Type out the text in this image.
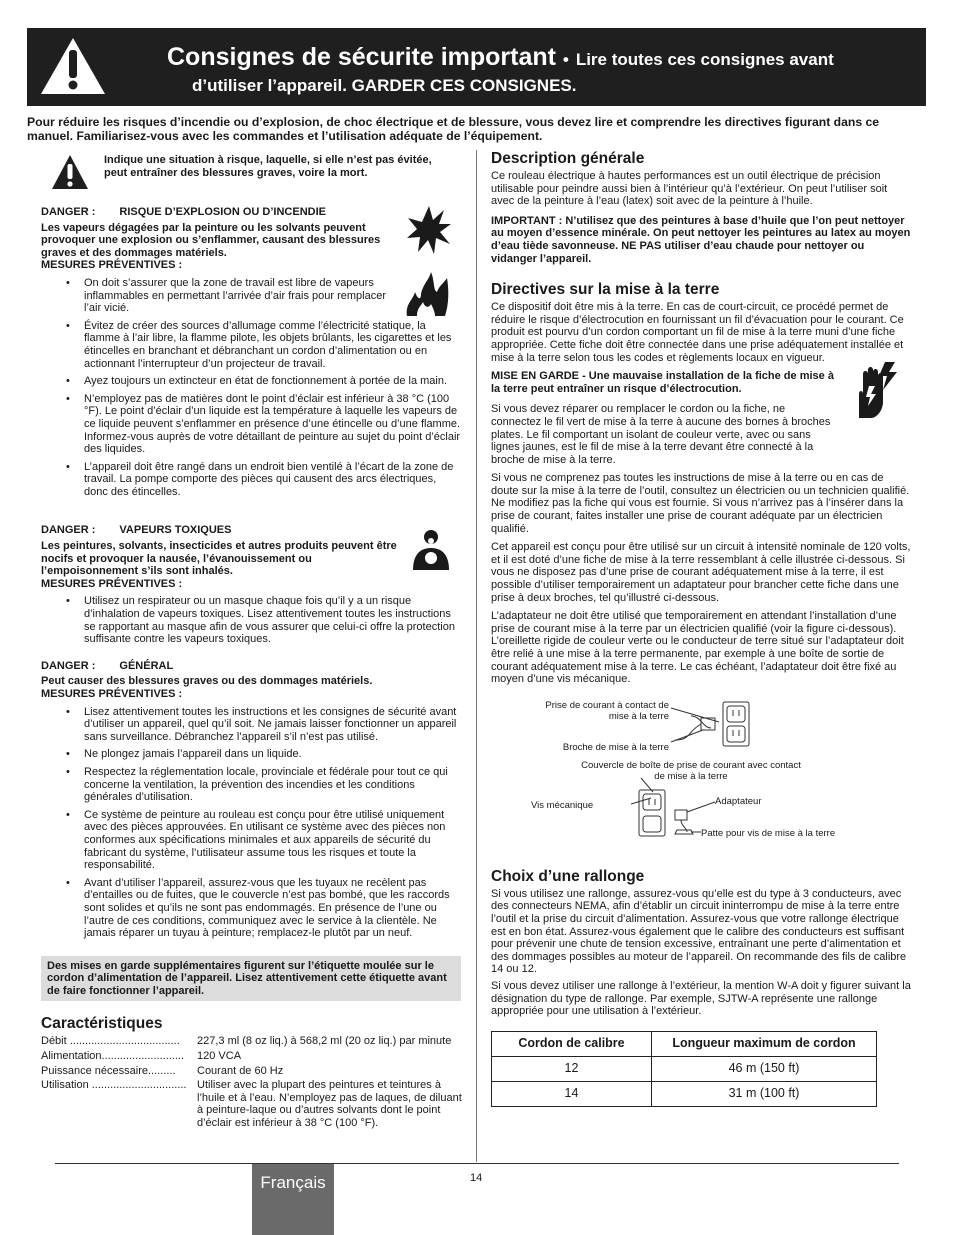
Consignes de sécurite important • Lire toutes ces consignes avant
d’utiliser l’appareil. GARDER CES CONSIGNES.
Pour réduire les risques d’incendie ou d’explosion, de choc électrique et de blessure, vous devez lire et comprendre les directives figurant dans ce manuel. Familiarisez-vous avec les commandes et l’utilisation adéquate de l’équipement.
Indique une situation à risque, laquelle, si elle n’est pas évitée, peut entraîner des blessures graves, voire la mort.
DANGER : RISQUE D’EXPLOSION OU D’INCENDIE

Les vapeurs dégagées par la peinture ou les solvants peuvent provoquer une explosion ou s’enflammer, causant des blessures graves et des dommages matériels.

MESURES PRÉVENTIVES :

• On doit s’assurer que la zone de travail est libre de vapeurs inflammables en permettant l’arrivée d’air frais pour remplacer l’air vicié.
• Évitez de créer des sources d’allumage comme l’électricité statique, la flamme à l’air libre, la flamme pilote, les objets brûlants, les cigarettes et les étincelles en branchant et débranchant un cordon d’alimentation ou en actionnant l’interrupteur d’un projecteur de travail.
• Ayez toujours un extincteur en état de fonctionnement à portée de la main.
• N’employez pas de matières dont le point d’éclair est inférieur à 38 °C (100 °F). Le point d’éclair d’un liquide est la température à laquelle les vapeurs de ce liquide peuvent s’enflammer en présence d’une étincelle ou d’une flamme. Informez-vous auprès de votre détaillant de peinture au sujet du point d’éclair des liquides.
• L’appareil doit être rangé dans un endroit bien ventilé à l’écart de la zone de travail. La pompe comporte des pièces qui causent des arcs électriques, donc des étincelles.
DANGER : VAPEURS TOXIQUES

Les peintures, solvants, insecticides et autres produits peuvent être nocifs et provoquer la nausée, l’évanouissement ou l’empoisonnement s’ils sont inhalés.

MESURES PRÉVENTIVES :

• Utilisez un respirateur ou un masque chaque fois qu’il y a un risque d’inhalation de vapeurs toxiques. Lisez attentivement toutes les instructions se rapportant au masque afin de vous assurer que celui-ci offre la protection suffisante contre les vapeurs toxiques.
DANGER : GÉNÉRAL

Peut causer des blessures graves ou des dommages matériels.

MESURES PRÉVENTIVES :

• Lisez attentivement toutes les instructions et les consignes de sécurité avant d’utiliser un appareil, quel qu’il soit. Ne jamais laisser fonctionner un appareil sans surveillance. Débranchez l’appareil s’il n’est pas utilisé.
• Ne plongez jamais l’appareil dans un liquide.
• Respectez la réglementation locale, provinciale et fédérale pour tout ce qui concerne la ventilation, la prévention des incendies et les conditions générales d’utilisation.
• Ce système de peinture au rouleau est conçu pour être utilisé uniquement avec des pièces approuvées. En utilisant ce système avec des pièces non conformes aux spécifications minimales et aux appareils de sécurité du fabricant du système, l’utilisateur assume tous les risques et toute la responsabilité.
• Avant d’utiliser l’appareil, assurez-vous que les tuyaux ne recèlent pas d’entailles ou de fuites, que le couvercle n’est pas bombé, que les raccords sont solides et qu’ils ne sont pas endommagés. En présence de l’une ou l’autre de ces conditions, communiquez avec le service à la clientèle. Ne jamais réparer un tuyau à peinture; remplacez-le plutôt par un neuf.
Des mises en garde supplémentaires figurent sur l’étiquette moulée sur le cordon d’alimentation de l’appareil. Lisez attentivement cette étiquette avant de faire fonctionner l’appareil.
Caractéristiques
Débit ....................................	227,3 ml (8 oz liq.) à 568,2 ml (20 oz liq.) par minute
Alimentation...........................	120 VCA
Puissance nécessaire.........	Courant de 60 Hz
Utilisation ............................... Utiliser avec la plupart des peintures et teintures à l’huile et à l’eau. N’employez pas de laques, de diluant à peinture-laque ou d’autres solvants dont le point d’éclair est inférieur à 38 °C (100 °F).
Description générale

Ce rouleau électrique à hautes performances est un outil électrique de précision utilisable pour peindre aussi bien à l’intérieur qu’à l’extérieur. On peut l’utiliser soit avec de la peinture à l’eau (latex) soit avec de la peinture à l’huile.

IMPORTANT : N’utilisez que des peintures à base d’huile que l’on peut nettoyer au moyen d’essence minérale. On peut nettoyer les peintures au latex au moyen d’eau tiède savonneuse. NE PAS utiliser d’eau chaude pour nettoyer ou vidanger l’appareil.

Directives sur la mise à la terre

Ce dispositif doit être mis à la terre. En cas de court-circuit, ce procédé permet de réduire le risque d’électrocution en fournissant un fil d’évacuation pour le courant. Ce produit est pourvu d’un cordon comportant un fil de mise à la terre muni d’une fiche appropriée. Cette fiche doit être connectée dans une prise adéquatement installée et mise à la terre selon tous les codes et règlements locaux en vigueur.

MISE EN GARDE - Une mauvaise installation de la fiche de mise à la terre peut entraîner un risque d’électrocution.

Si vous devez réparer ou remplacer le cordon ou la fiche, ne connectez le fil vert de mise à la terre à aucune des bornes à broches plates. Le fil comportant un isolant de couleur verte, avec ou sans lignes jaunes, est le fil de mise à la terre devant être connecté à la broche de mise à la terre.

Si vous ne comprenez pas toutes les instructions de mise à la terre ou en cas de doute sur la mise à la terre de l’outil, consultez un électricien ou un technicien qualifié. Ne modifiez pas la fiche qui vous est fournie. Si vous n’arrivez pas à l’insérer dans la prise de courant, faites installer une prise de courant adéquate par un électricien qualifié.

Cet appareil est conçu pour être utilisé sur un circuit à intensité nominale de 120 volts, et il est doté d’une fiche de mise à la terre ressemblant à celle illustrée ci-dessous. Si vous ne disposez pas d’une prise de courant adéquatement mise à la terre, il est possible d’utiliser temporairement un adaptateur pour brancher cette fiche dans une prise à deux broches, tel qu’illustré ci-dessous.

L’adaptateur ne doit être utilisé que temporairement en attendant l’installation d’une prise de courant mise à la terre par un électricien qualifié (voir la figure ci-dessous). L’oreillette rigide de couleur verte ou le conducteur de terre situé sur l’adaptateur doit être relié à une mise à la terre permanente, par exemple à une boîte de sortie de courant adéquatement mise à la terre. Le cas échéant, l’adaptateur doit être fixé au moyen d’une vis mécanique.

Prise de courant à contact de mise à la terre
Broche de mise à la terre
Couvercle de boîte de prise de courant avec contact de mise à la terre
Vis mécanique	Adaptateur
Patte pour vis de mise à la terre
Choix d’une rallonge

Si vous utilisez une rallonge, assurez-vous qu’elle est du type à 3 conducteurs, avec des connecteurs NEMA, afin d’établir un circuit ininterrompu de mise à la terre entre l’outil et la prise du circuit d’alimentation. Assurez-vous que votre rallonge électrique est en bon état. Assurez-vous également que le calibre des conducteurs est suffisant pour prévenir une chute de tension excessive, entraînant une perte d’alimentation et des dommages possibles au moteur de l’appareil. On recommande des fils de calibre 14 ou 12.

Si vous devez utiliser une rallonge à l’extérieur, la mention W-A doit y figurer suivant la désignation du type de rallonge. Par exemple, SJTW-A représente une rallonge appropriée pour une utilisation à l’extérieur.

Cordon de calibre	Longueur maximum de cordon
12	46 m (150 ft)
14	31 m (100 ft)
Français	14
